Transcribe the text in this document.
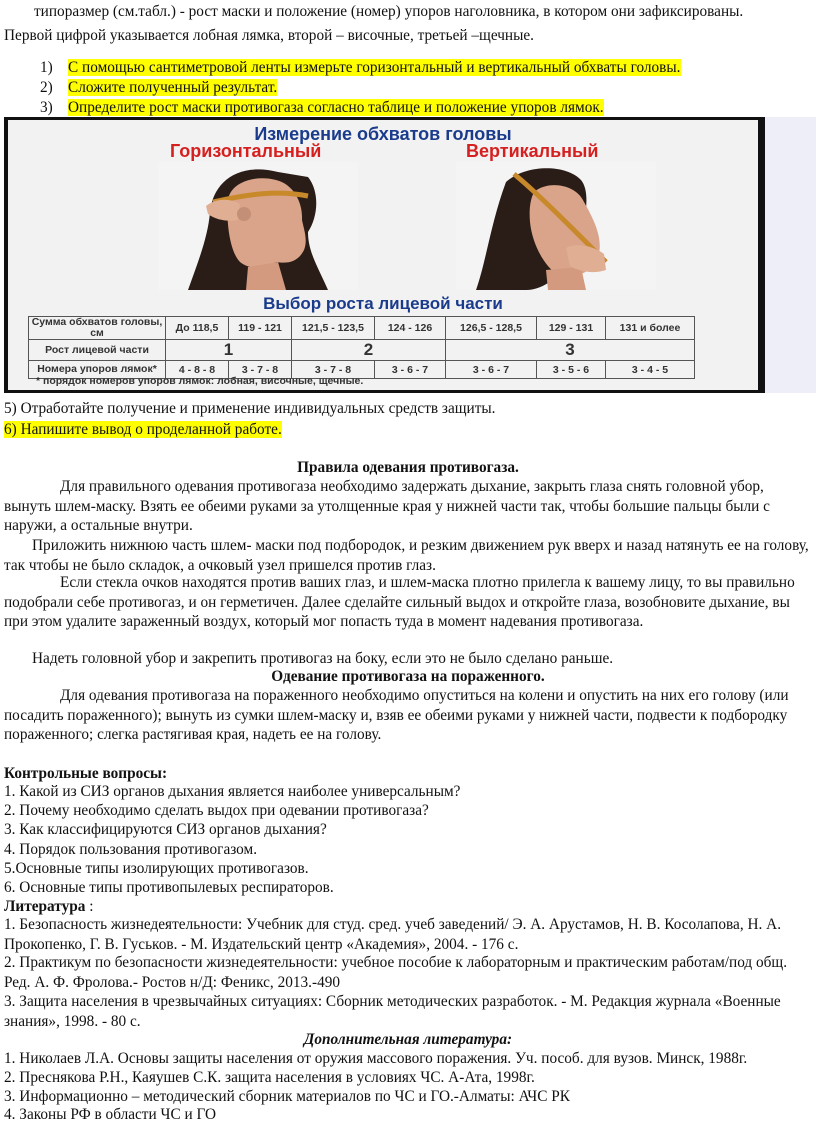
типоразмер (см.табл.) - рост маски и положение (номер) упоров наголовника, в котором они зафиксированы.
Первой цифрой указывается лобная лямка, второй – височные, третьей –щечные.
1) С помощью сантиметровой ленты измерьте горизонтальный и вертикальный обхваты головы.
2) Сложите полученный результат.
3) Определите рост маски противогаза согласно таблице и положение упоров лямок.
Измерение обхватов головы
Горизонтальный	Вертикальный
Выбор роста лицевой части
Сумма обхватов головы, см	До 118,5	119 - 121	121,5 - 123,5	124 - 126	126,5 - 128,5	129 - 131	131 и более
Рост лицевой части	1		2		3		
Номера упоров лямок*	4 - 8 - 8	3 - 7 - 8	3 - 7 - 8	3 - 6 - 7	3 - 6 - 7	3 - 5 - 6	3 - 4 - 5
* порядок номеров упоров лямок: лобная, височные, щечные.
5) Отработайте получение и применение индивидуальных средств защиты.
6) Напишите вывод о проделанной работе.
Правила одевания противогаза.
Для правильного одевания противогаза необходимо задержать дыхание, закрыть глаза снять головной убор, вынуть шлем-маску. Взять ее обеими руками за утолщенные края у нижней части так, чтобы большие пальцы были с наружи, а остальные внутри.
Приложить нижнюю часть шлем- маски под подбородок, и резким движением рук вверх и назад натянуть ее на голову, так чтобы не было складок, а очковый узел пришелся против глаз.
Если стекла очков находятся против ваших глаз, и шлем-маска плотно прилегла к вашему лицу, то вы правильно подобрали себе противогаз, и он герметичен. Далее сделайте сильный выдох и откройте глаза, возобновите дыхание, вы при этом удалите зараженный воздух, который мог попасть туда в момент надевания противогаза.
Надеть головной убор и закрепить противогаз на боку, если это не было сделано раньше.
Одевание противогаза на пораженного.
Для одевания противогаза на пораженного необходимо опуститься на колени и опустить на них его голову (или посадить пораженного); вынуть из сумки шлем-маску и, взяв ее обеими руками у нижней части, подвести к подбородку пораженного; слегка растягивая края, надеть ее на голову.
Контрольные вопросы:
1. Какой из СИЗ органов дыхания является наиболее универсальным?
2. Почему необходимо сделать выдох при одевании противогаза?
3. Как классифицируются СИЗ органов дыхания?
4. Порядок пользования противогазом.
5.Основные типы изолирующих противогазов.
6. Основные типы противопылевых респираторов.
Литература :
1. Безопасность жизнедеятельности: Учебник для студ. сред. учеб заведений/ Э. А. Арустамов, Н. В. Косолапова, Н. А. Прокопенко, Г. В. Гуськов. - М. Издательский центр «Академия», 2004. - 176 с.
2. Практикум по безопасности жизнедеятельности: учебное пособие к лабораторным и практическим работам/под общ. Ред. А. Ф. Фролова.- Ростов н/Д: Феникс, 2013.-490
3. Защита населения в чрезвычайных ситуациях: Сборник методических разработок. - М. Редакция журнала «Военные знания», 1998. - 80 с.
Дополнительная литература:
1. Николаев Л.А. Основы защиты населения от оружия массового поражения. Уч. пособ. для вузов. Минск, 1988г.
2. Преснякова Р.Н., Каяушев С.К. защита населения в условиях ЧС. А-Ата, 1998г.
3. Информационно – методический сборник материалов по ЧС и ГО.-Алматы: АЧС РК
4. Законы РФ в области ЧС и ГО
